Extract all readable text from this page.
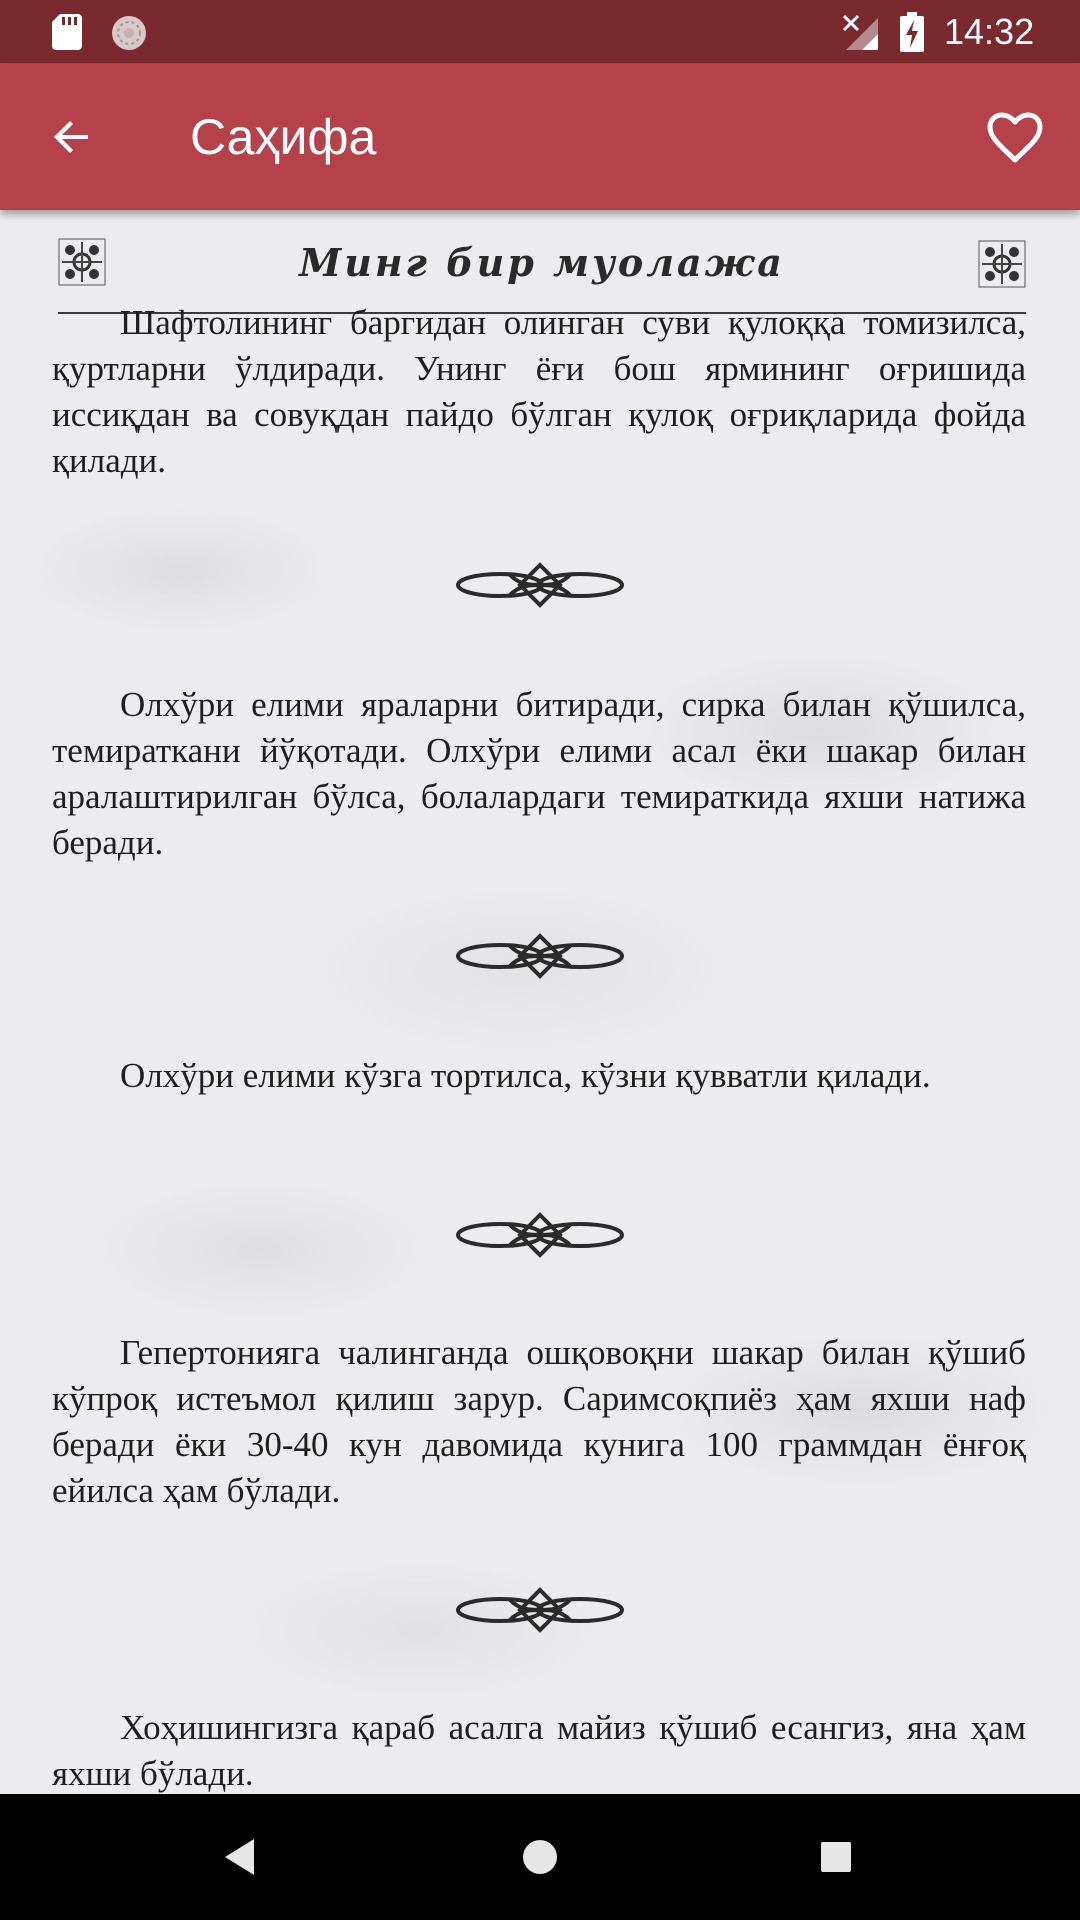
14:32
Саҳифа
Минг бир муолажа
Шафтолининг баргидан олинган суви қулоққа томизилса, қуртларни ўлдиради. Унинг ёғи бош ярмининг оғришида иссиқдан ва совуқдан пайдо бўлган қулоқ оғриқларида фойда қилади.
Олхўри елими яраларни битиради, сирка билан қўшилса, темираткани йўқотади. Олхўри елими асал ёки шакар билан аралаштирилган бўлса, болалардаги темираткида яхши натижа беради.
Олхўри елими кўзга тортилса, кўзни қувватли қилади.
Гепертонияга чалинганда ошқовоқни шакар билан қўшиб кўпроқ истеъмол қилиш зарур. Саримсоқпиёз ҳам яхши наф беради ёки 30-40 кун давомида кунига 100 граммдан ёнғоқ ейилса ҳам бўлади.
Хоҳишингизга қараб асалга майиз қўшиб есангиз, яна ҳам яхши бўлади.
